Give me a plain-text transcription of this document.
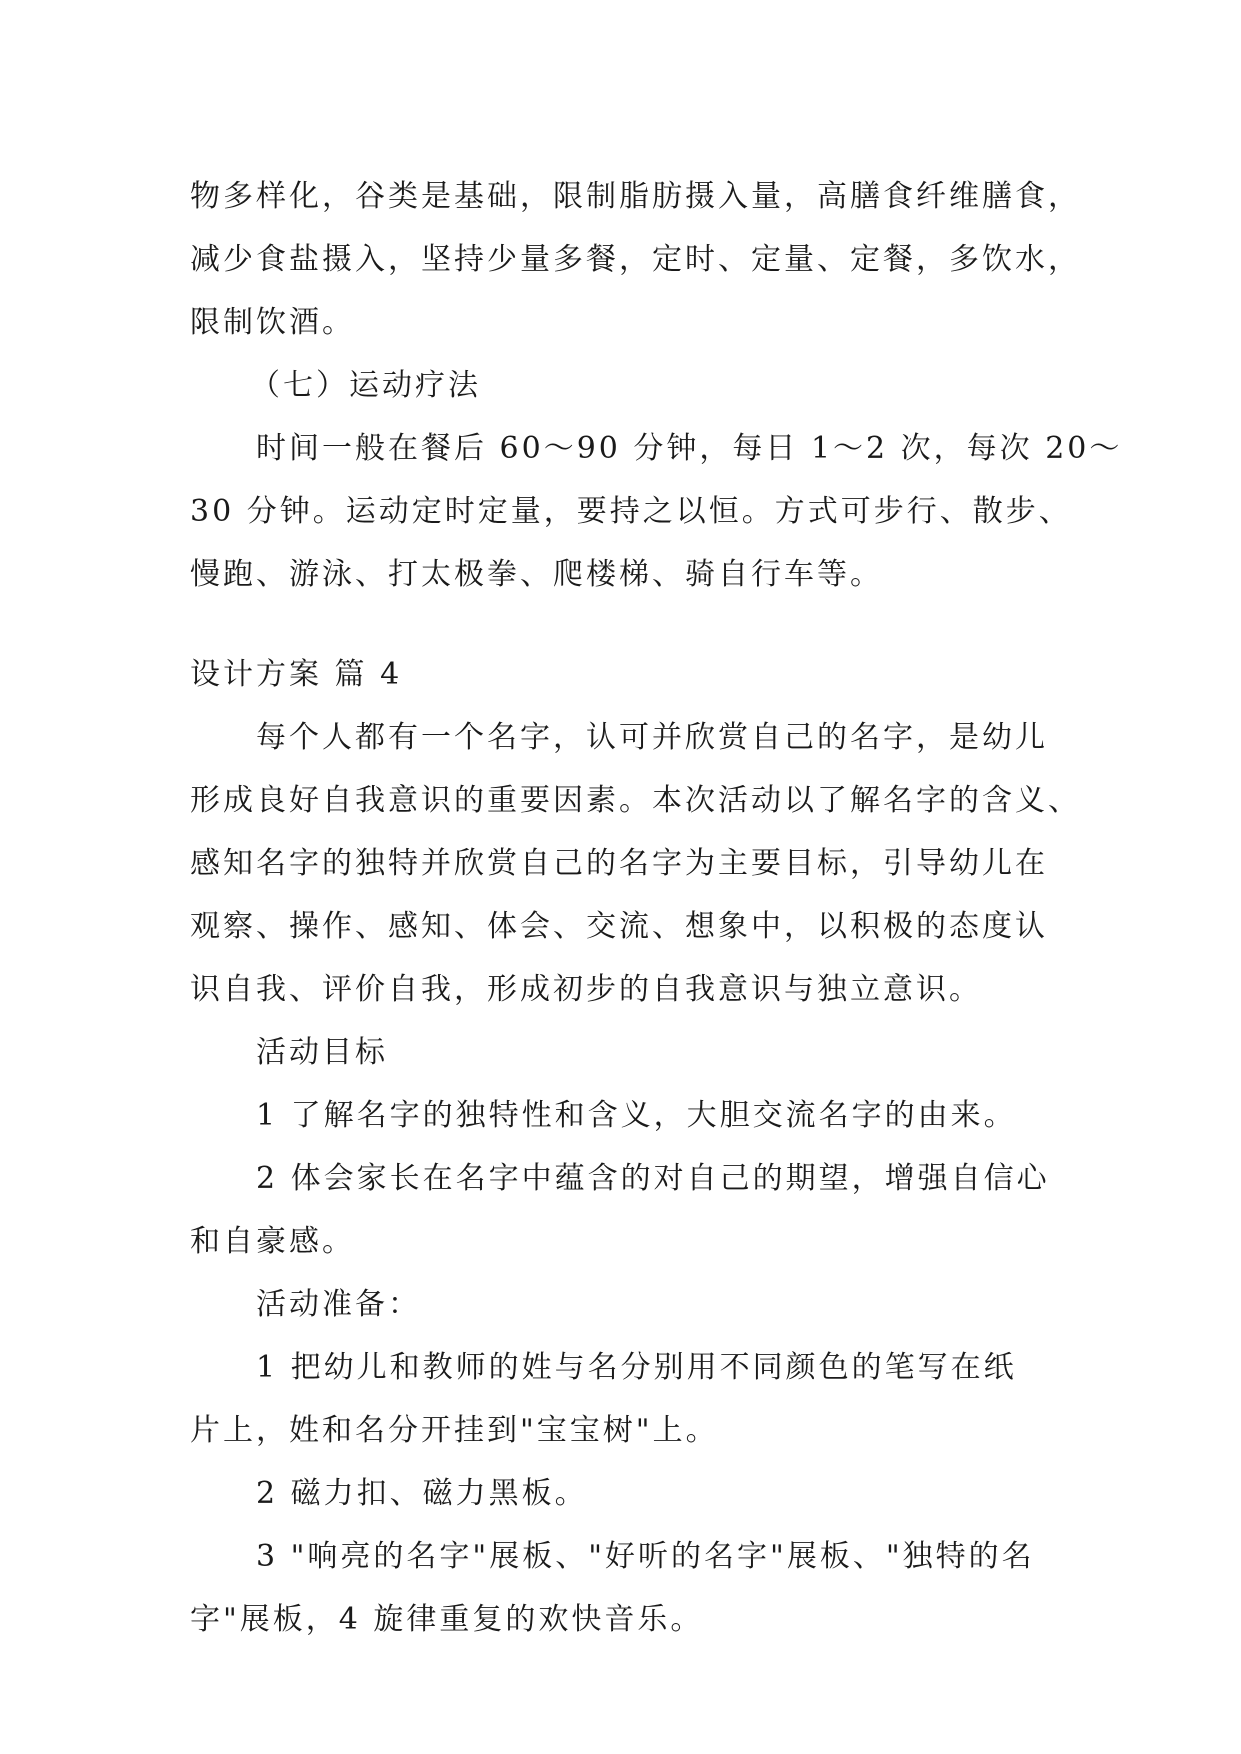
物多样化，谷类是基础，限制脂肪摄入量，高膳食纤维膳食，
减少食盐摄入，坚持少量多餐，定时、定量、定餐，多饮水，
限制饮酒。
（七）运动疗法
时间一般在餐后 60～90 分钟，每日 1～2 次，每次 20～
30 分钟。运动定时定量，要持之以恒。方式可步行、散步、
慢跑、游泳、打太极拳、爬楼梯、骑自行车等。
设计方案 篇 4
每个人都有一个名字，认可并欣赏自己的名字，是幼儿
形成良好自我意识的重要因素。本次活动以了解名字的含义、
感知名字的独特并欣赏自己的名字为主要目标，引导幼儿在
观察、操作、感知、体会、交流、想象中，以积极的态度认
识自我、评价自我，形成初步的自我意识与独立意识。
活动目标
1 了解名字的独特性和含义，大胆交流名字的由来。
2 体会家长在名字中蕴含的对自己的期望，增强自信心
和自豪感。
活动准备：
1 把幼儿和教师的姓与名分别用不同颜色的笔写在纸
片上，姓和名分开挂到"宝宝树"上。
2 磁力扣、磁力黑板。
3 "响亮的名字"展板、"好听的名字"展板、"独特的名
字"展板，4 旋律重复的欢快音乐。
